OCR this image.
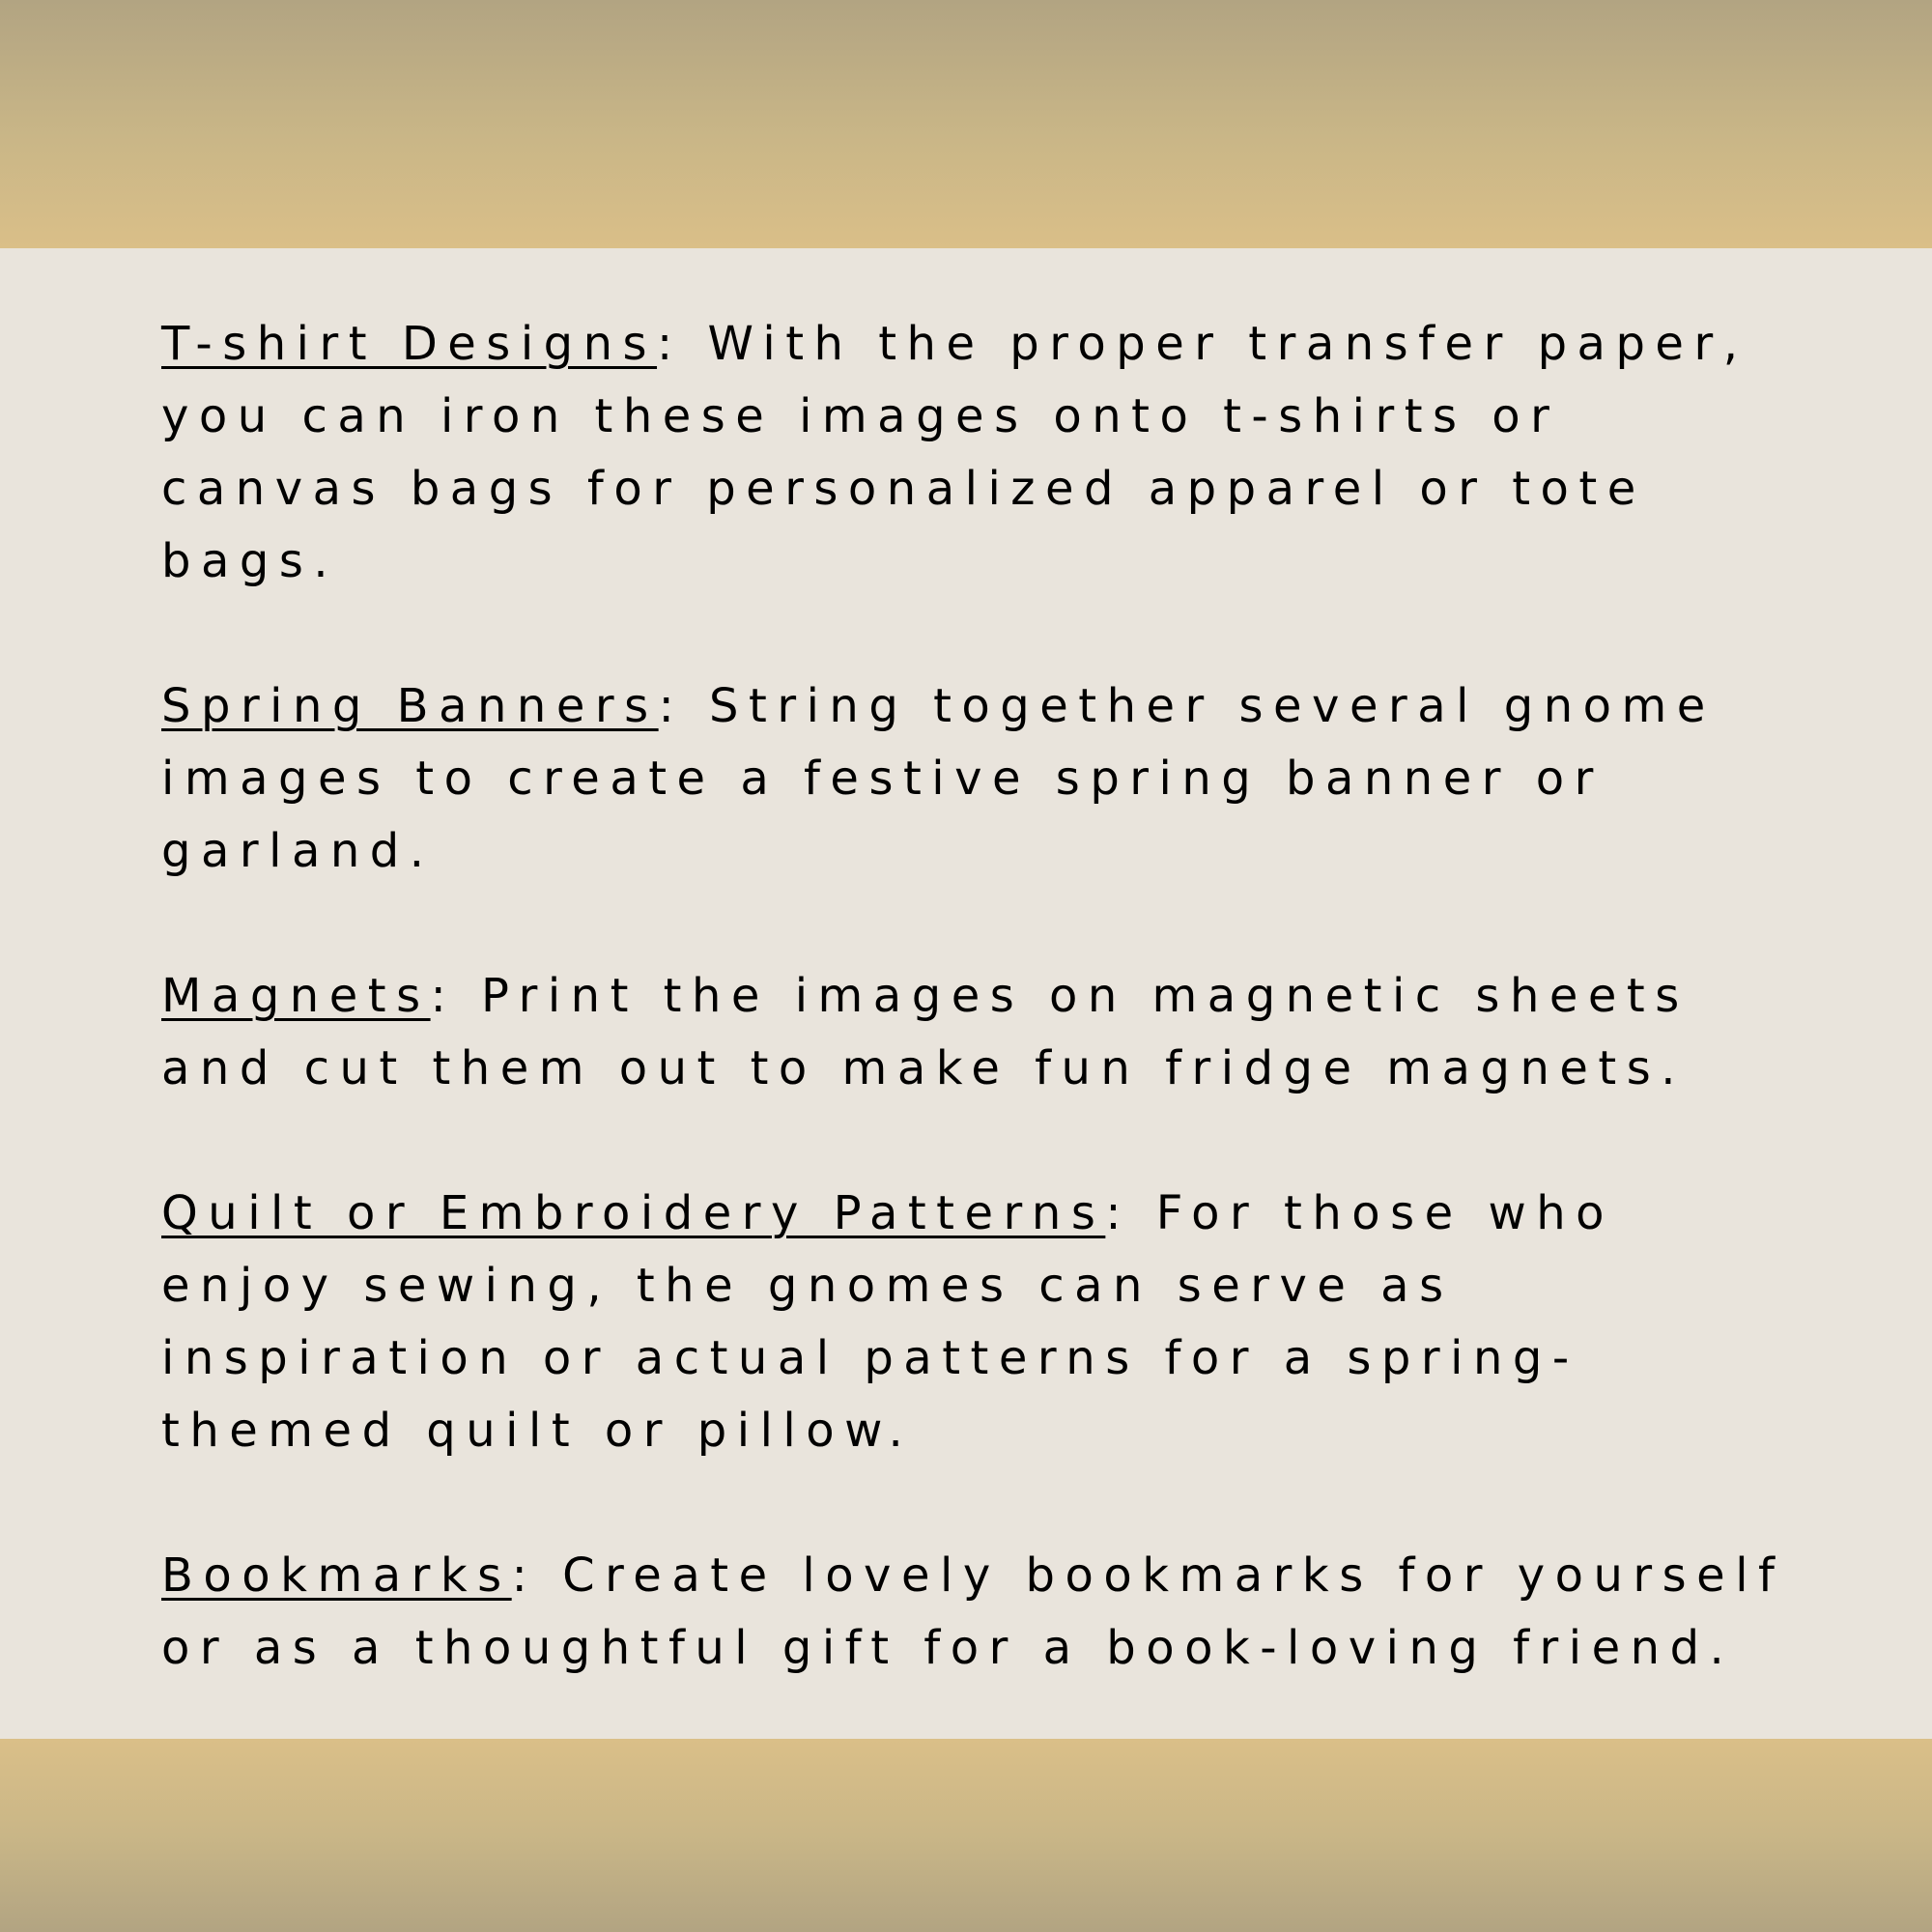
T-shirt Designs: With the proper transfer paper,
you can iron these images onto t-shirts or
canvas bags for personalized apparel or tote
bags.

Spring Banners: String together several gnome
images to create a festive spring banner or
garland.

Magnets: Print the images on magnetic sheets
and cut them out to make fun fridge magnets.

Quilt or Embroidery Patterns: For those who
enjoy sewing, the gnomes can serve as
inspiration or actual patterns for a spring-
themed quilt or pillow.

Bookmarks: Create lovely bookmarks for yourself
or as a thoughtful gift for a book-loving friend.
